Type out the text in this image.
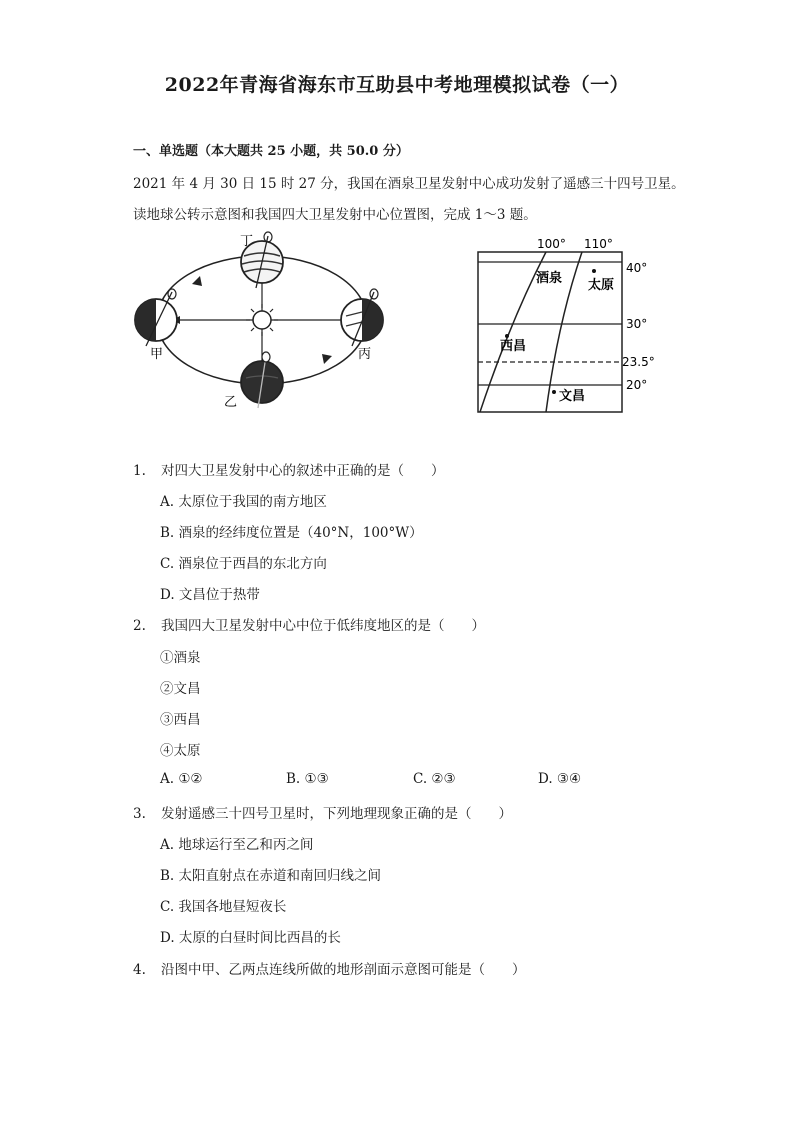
2022年青海省海东市互助县中考地理模拟试卷（一）
一、单选题（本大题共 25 小题，共 50.0 分）
2021 年 4 月 30 日 15 时 27 分，我国在酒泉卫星发射中心成功发射了遥感三十四号卫星。
读地球公转示意图和我国四大卫星发射中心位置图，完成 1～3 题。
丁
甲	丙
乙
100° 110°
40°
30°
23.5°
20°
酒泉 太原
西昌
文昌
1. 对四大卫星发射中心的叙述中正确的是（　　）
A. 太原位于我国的南方地区
B. 酒泉的经纬度位置是（40°N，100°W）
C. 酒泉位于西昌的东北方向
D. 文昌位于热带
2. 我国四大卫星发射中心中位于低纬度地区的是（　　）
①酒泉
②文昌
③西昌
④太原
A. ①②	B. ①③	C. ②③	D. ③④
3. 发射遥感三十四号卫星时，下列地理现象正确的是（　　）
A. 地球运行至乙和丙之间
B. 太阳直射点在赤道和南回归线之间
C. 我国各地昼短夜长
D. 太原的白昼时间比西昌的长
4. 沿图中甲、乙两点连线所做的地形剖面示意图可能是（　　）
